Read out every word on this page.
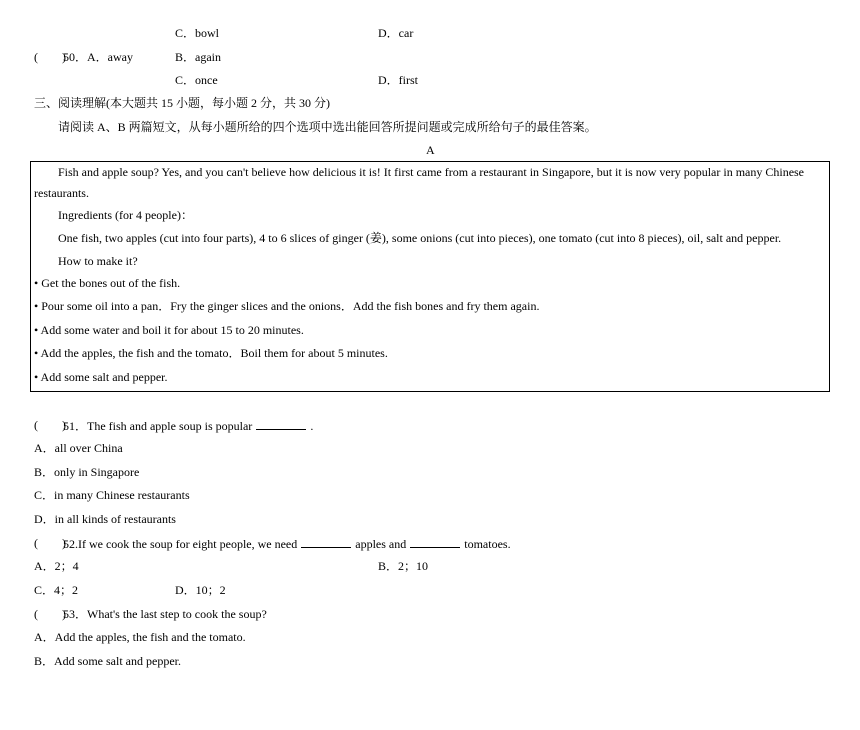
C．bowl	D．car
(　　)
50．A．away	B．again
C．once	D．first
三、阅读理解(本大题共 15 小题，每小题 2 分，共 30 分)
请阅读 A、B 两篇短文，从每小题所给的四个选项中选出能回答所提问题或完成所给句子的最佳答案。
A
Fish and apple soup? Yes, and you can't believe how delicious it is! It first came from a restaurant in Singapore, but it is now very popular in many Chinese
restaurants.
Ingredients (for 4 people)：
One fish, two apples (cut into four parts), 4 to 6 slices of ginger (姜), some onions (cut into pieces), one tomato (cut into 8 pieces), oil, salt and pepper.
How to make it?
• Get the bones out of the fish.
• Pour some oil into a pan．Fry the ginger slices and the onions．Add the fish bones and fry them again.
• Add some water and boil it for about 15 to 20 minutes.
• Add the apples, the fish and the tomato．Boil them for about 5 minutes.
• Add some salt and pepper.
(　　)
51．The fish and apple soup is popular	.
A．all over China
B．only in Singapore
C．in many Chinese restaurants
D．in all kinds of restaurants
(　　)
52.If we cook the soup for eight people, we need	apples and	tomatoes.
A．2；4	B．2；10
C．4；2	D．10；2
(　　)
53．What's the last step to cook the soup?
A．Add the apples, the fish and the tomato.
B．Add some salt and pepper.
